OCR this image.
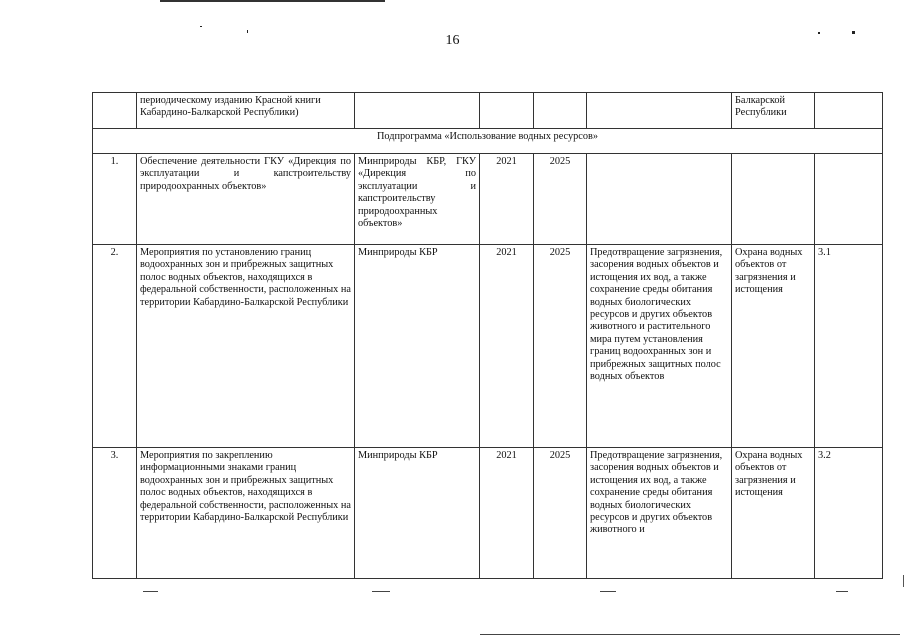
16
	периодическому изданию Красной книги Кабардино-Балкарской Республики)					Балкарской Республики	
Подпрограмма «Использование водных ресурсов»							
1.	Обеспечение деятельности ГКУ «Дирекция по эксплуатации и капстроительству природоохранных объектов»	Минприроды КБР, ГКУ «Дирекция по эксплуатации и капстроительству природоохранных объектов»	2021	2025			
2.	Мероприятия по установлению границ водоохранных зон и прибрежных защитных полос водных объектов, находящихся в федеральной собственности, расположенных на территории Кабардино-Балкарской Республики	Минприроды КБР	2021	2025	Предотвращение загрязнения, засорения водных объектов и истощения их вод, а также сохранение среды обитания водных биологических ресурсов и других объектов животного и растительного мира путем установления границ водоохранных зон и прибрежных защитных полос водных объектов	Охрана водных объектов от загрязнения и истощения	3.1
3.	Мероприятия по закреплению информационными знаками границ водоохранных зон и прибрежных защитных полос водных объектов, находящихся в федеральной собственности, расположенных на территории Кабардино-Балкарской Республики	Минприроды КБР	2021	2025	Предотвращение загрязнения, засорения водных объектов и истощения их вод, а также сохранение среды обитания водных биологических ресурсов и других объектов животного и	Охрана водных объектов от загрязнения и истощения	3.2
